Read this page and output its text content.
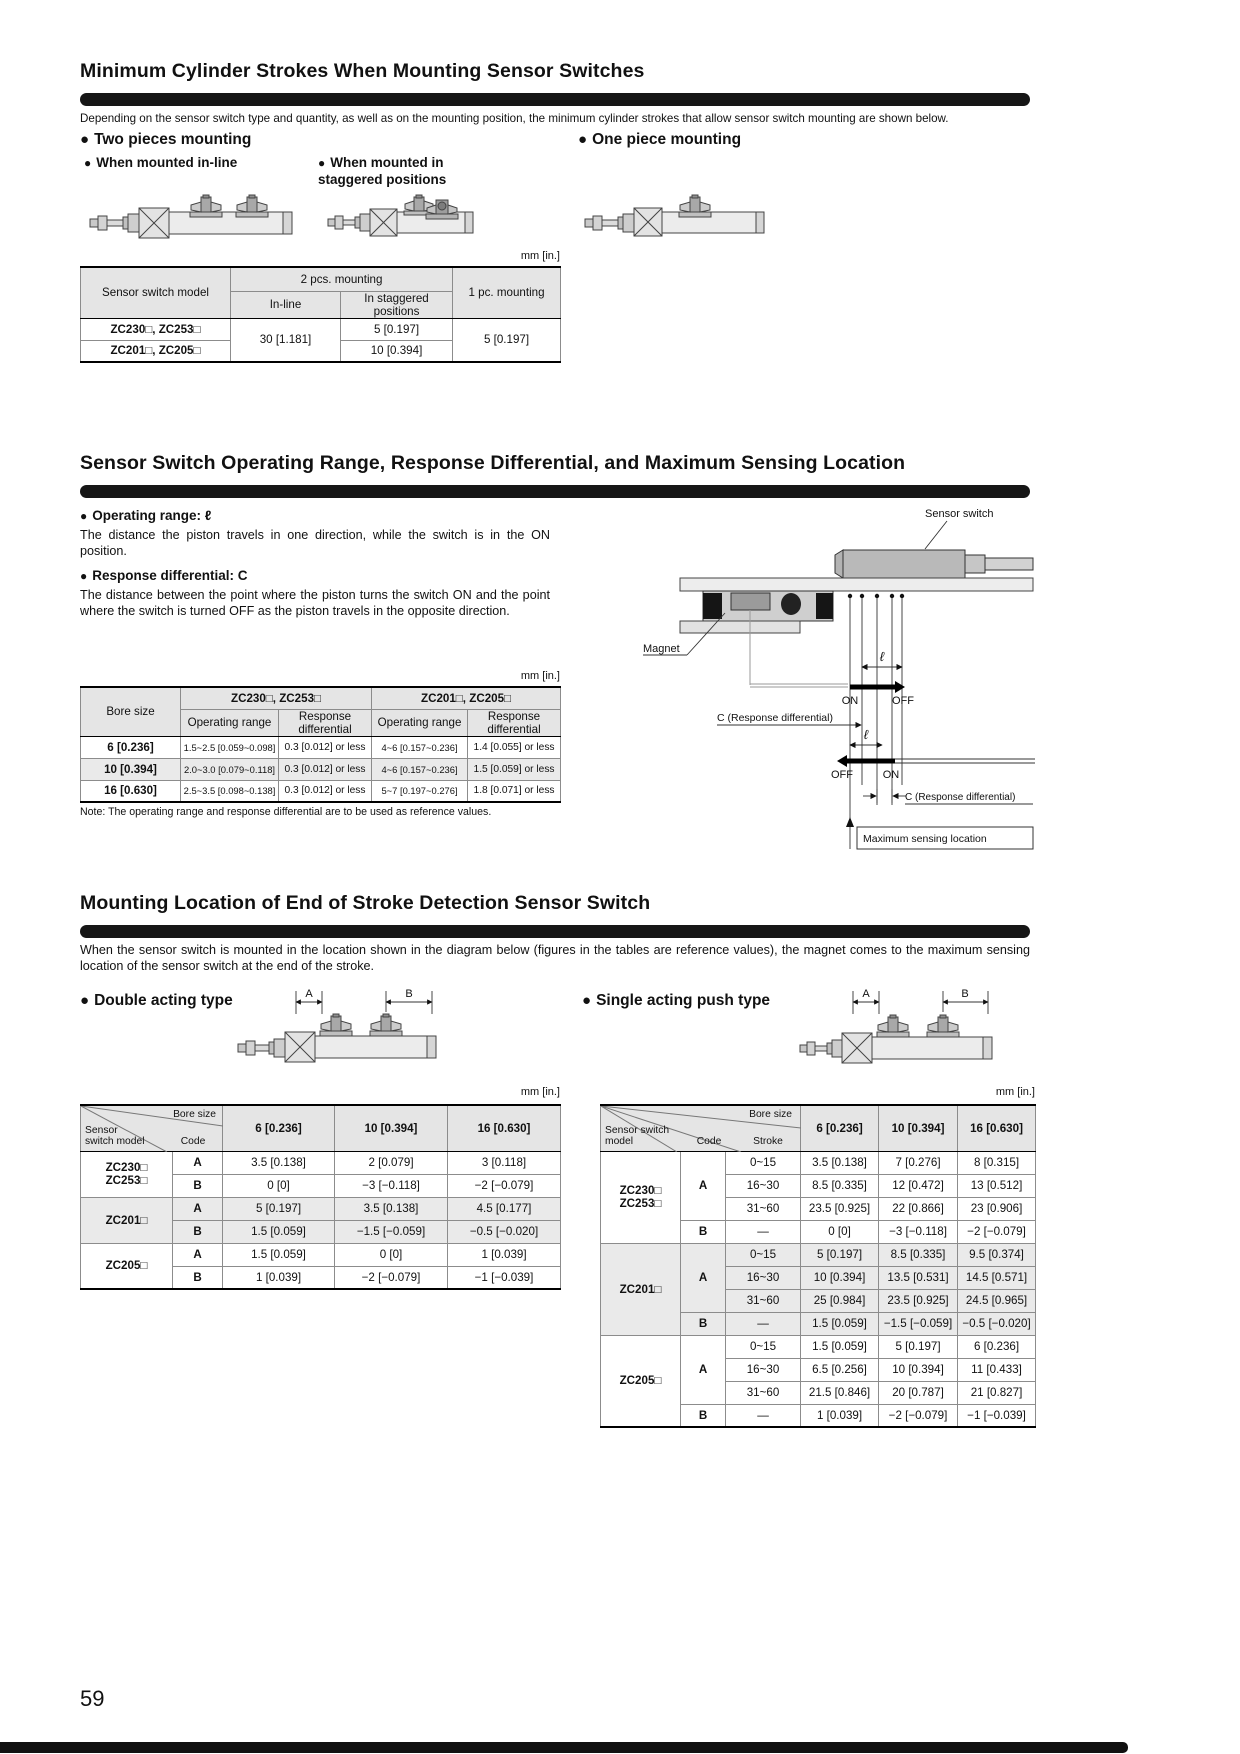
Minimum Cylinder Strokes When Mounting Sensor Switches
Depending on the sensor switch type and quantity, as well as on the mounting position, the minimum cylinder strokes that allow sensor switch mounting are shown below.
● Two pieces mounting	● One piece mounting
● When mounted in-line	● When mounted in staggered positions
mm [in.]
Sensor switch model	2 pcs. mounting		1 pc. mounting
	In-line	In staggered positions	
ZC230□, ZC253□	30 [1.181]	5 [0.197]	5 [0.197]
ZC201□, ZC205□		10 [0.394]	
Sensor Switch Operating Range, Response Differential, and Maximum Sensing Location
● Operating range: ℓ
The distance the piston travels in one direction, while the switch is in the ON position.
● Response differential: C
The distance between the point where the piston turns the switch ON and the point where the switch is turned OFF as the piston travels in the opposite direction.
Sensor switch
Magnet	ℓ
ON	OFF
C (Response differential)
ℓ
OFF	ON
C (Response differential)
Maximum sensing location
mm [in.]
Bore size	ZC230□, ZC253□		ZC201□, ZC205□	
	Operating range	Response differential	Operating range	Response differential
6 [0.236]	1.5~2.5 [0.059~0.098]	0.3 [0.012] or less	4~6 [0.157~0.236]	1.4 [0.055] or less
10 [0.394]	2.0~3.0 [0.079~0.118]	0.3 [0.012] or less	4~6 [0.157~0.236]	1.5 [0.059] or less
16 [0.630]	2.5~3.5 [0.098~0.138]	0.3 [0.012] or less	5~7 [0.197~0.276]	1.8 [0.071] or less
Note: The operating range and response differential are to be used as reference values.
Mounting Location of End of Stroke Detection Sensor Switch
When the sensor switch is mounted in the location shown in the diagram below (figures in the tables are reference values), the magnet comes to the maximum sensing location of the sensor switch at the end of the stroke.
● Double acting type	● Single acting push type
A	B	A	B
mm [in.]	mm [in.]
Bore size
Sensor switch model Code		6 [0.236]	10 [0.394]	16 [0.630]

ZC230□
ZC253□	A	3.5 [0.138]	2 [0.079]	3 [0.118]
	B	0 [0]	−3 [−0.118]	−2 [−0.079]
ZC201□	A	5 [0.197]	3.5 [0.138]	4.5 [0.177]
	B	1.5 [0.059]	−1.5 [−0.059]	−0.5 [−0.020]
ZC205□	A	1.5 [0.059]	0 [0]	1 [0.039]
	B	1 [0.039]	−2 [−0.079]	−1 [−0.039]
Bore size
Sensor switch model Code Stroke			6 [0.236]	10 [0.394]	16 [0.630]

ZC230□
ZC253□	A	0~15	3.5 [0.138]	7 [0.276]	8 [0.315]
		16~30	8.5 [0.335]	12 [0.472]	13 [0.512]
		31~60	23.5 [0.925]	22 [0.866]	23 [0.906]
	B	—	0 [0]	−3 [−0.118]	−2 [−0.079]
ZC201□	A	0~15	5 [0.197]	8.5 [0.335]	9.5 [0.374]
		16~30	10 [0.394]	13.5 [0.531]	14.5 [0.571]
		31~60	25 [0.984]	23.5 [0.925]	24.5 [0.965]
	B	—	1.5 [0.059]	−1.5 [−0.059]	−0.5 [−0.020]
ZC205□	A	0~15	1.5 [0.059]	5 [0.197]	6 [0.236]
		16~30	6.5 [0.256]	10 [0.394]	11 [0.433]
		31~60	21.5 [0.846]	20 [0.787]	21 [0.827]
	B	—	1 [0.039]	−2 [−0.079]	−1 [−0.039]
59
